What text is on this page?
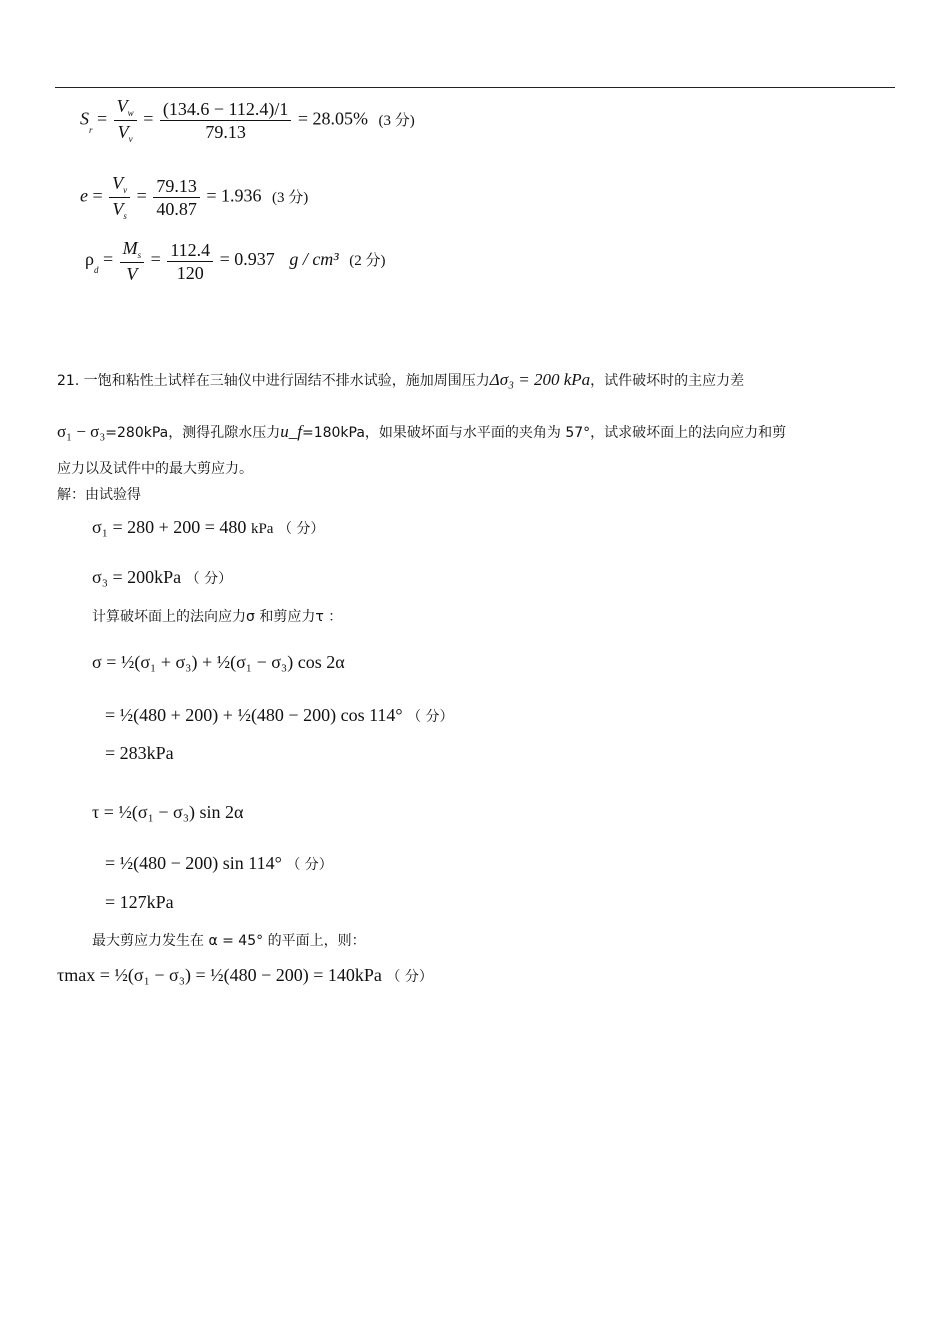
$S_r = \frac{V_w}{V_v} = \frac{(134.6 - 112.4)/1}{79.13} = 28.05\%$ (3 分)
$e = \frac{V_v}{V_s} = \frac{79.13}{40.87} = 1.936$ (3 分)
$\rho_d = \frac{M_s}{V} = \frac{112.4}{120} = 0.937$ g / cm³ (2 分)
21. 一饱和粘性土试样在三轴仪中进行固结不排水试验，施加周围压力Δσ₃ = 200 kPa，试件破坏时的主应力差
σ₁ − σ₃=280kPa，测得孔隙水压力u_f=180kPa，如果破坏面与水平面的夹角为 57°，试求破坏面上的法向应力和剪
应力以及试件中的最大剪应力。
解：由试验得
σ₁ = 280 + 200 = 480 kPa （ 分）
σ₃ = 200kPa （ 分）
计算破坏面上的法向应力σ 和剪应力τ ：
σ = ½(σ₁ + σ₃) + ½(σ₁ − σ₃) cos 2α
= ½(480 + 200) + ½(480 − 200) cos 114° （ 分）
= 283kPa
τ = ½(σ₁ − σ₃) sin 2α
= ½(480 − 200) sin 114° （ 分）
= 127kPa
最大剪应力发生在 α = 45° 的平面上，则：
τmax = ½(σ₁ − σ₃) = ½(480 − 200) = 140kPa （ 分）
